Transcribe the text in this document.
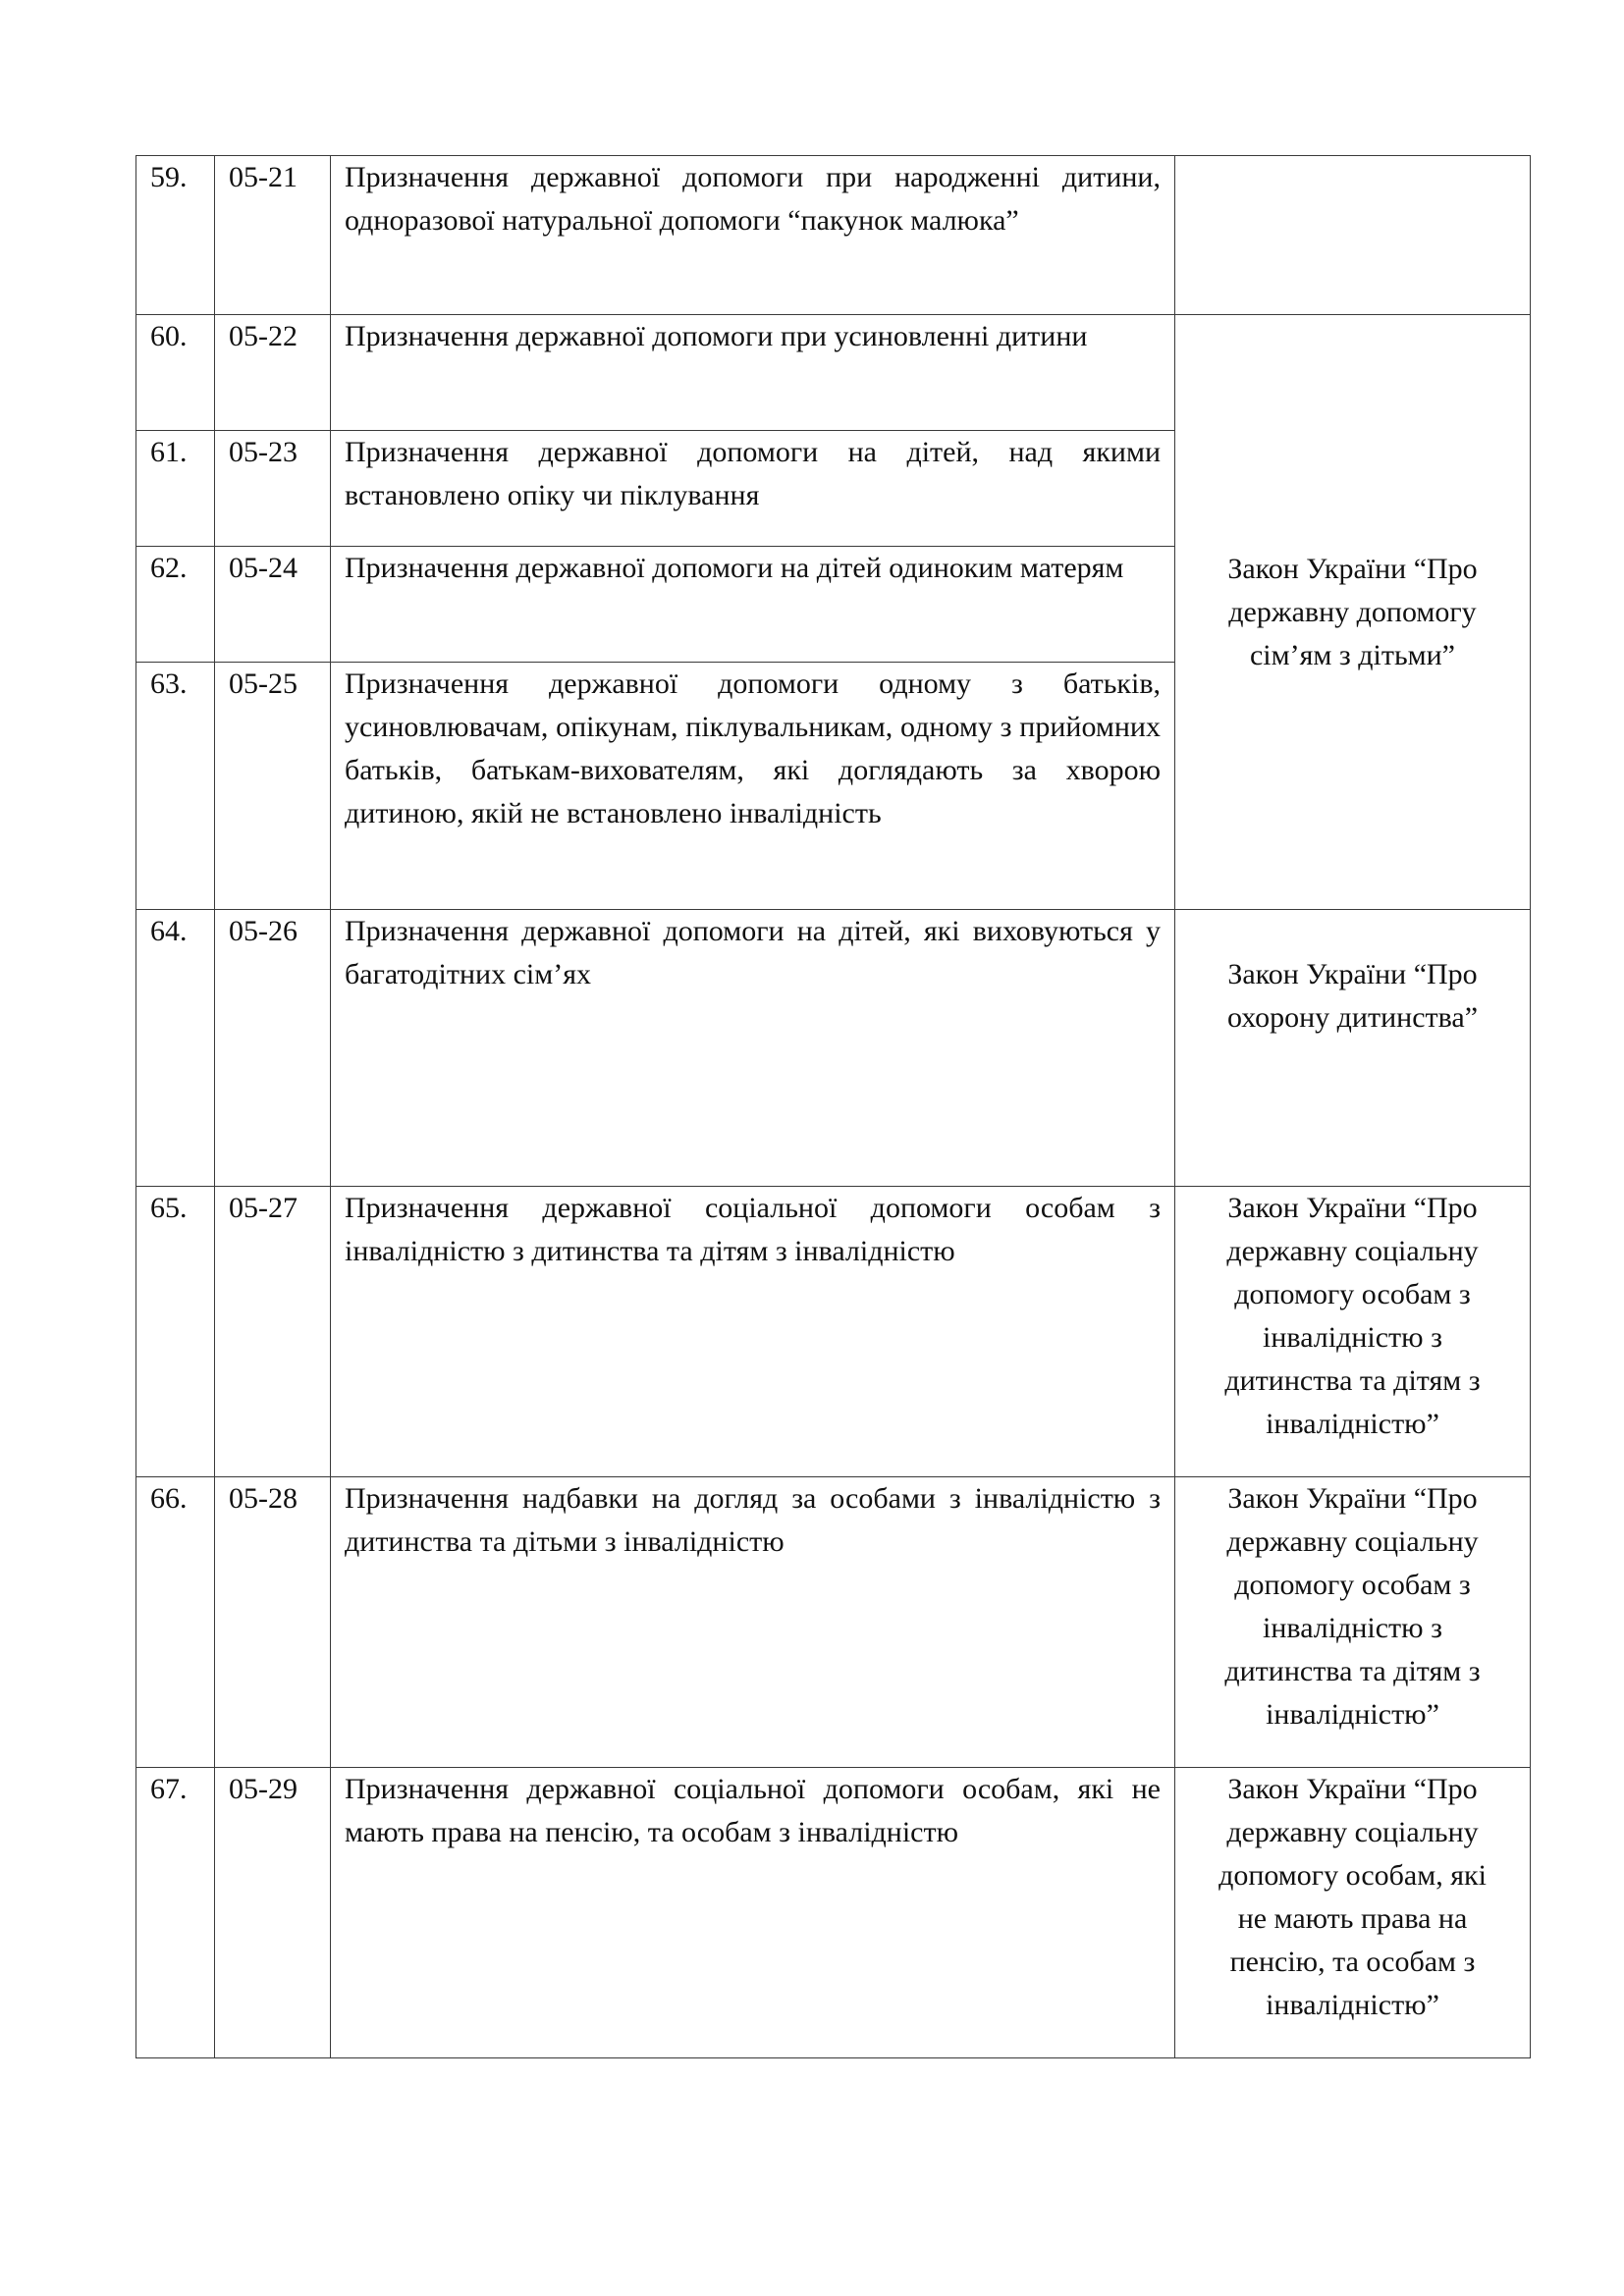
59.	05-21	Призначення державної допомоги при народженні дитини, одноразової натуральної допомоги “пакунок малюка”	
60.	05-22	Призначення державної допомоги при усиновленні дитини	Закон України “Про державну допомогу сім’ям з дітьми”
61.	05-23	Призначення державної допомоги на дітей, над якими встановлено опіку чи піклування	
62.	05-24	Призначення державної допомоги на дітей одиноким матерям	
63.	05-25	Призначення державної допомоги одному з батьків, усиновлювачам, опікунам, піклувальникам, одному з прийомних батьків, батькам-вихователям, які доглядають за хворою дитиною, якій не встановлено інвалідність	
64.	05-26	Призначення державної допомоги на дітей, які виховуються у багатодітних сім’ях	Закон України “Про охорону дитинства”
65.	05-27	Призначення державної соціальної допомоги особам з інвалідністю з дитинства та дітям з інвалідністю	Закон України “Про державну соціальну допомогу особам з інвалідністю з дитинства та дітям з інвалідністю”
66.	05-28	Призначення надбавки на догляд за особами з інвалідністю з дитинства та дітьми з інвалідністю	Закон України “Про державну соціальну допомогу особам з інвалідністю з дитинства та дітям з інвалідністю”
67.	05-29	Призначення державної соціальної допомоги особам, які не мають права на пенсію, та особам з інвалідністю	Закон України “Про державну соціальну допомогу особам, які не мають права на пенсію, та особам з інвалідністю”
